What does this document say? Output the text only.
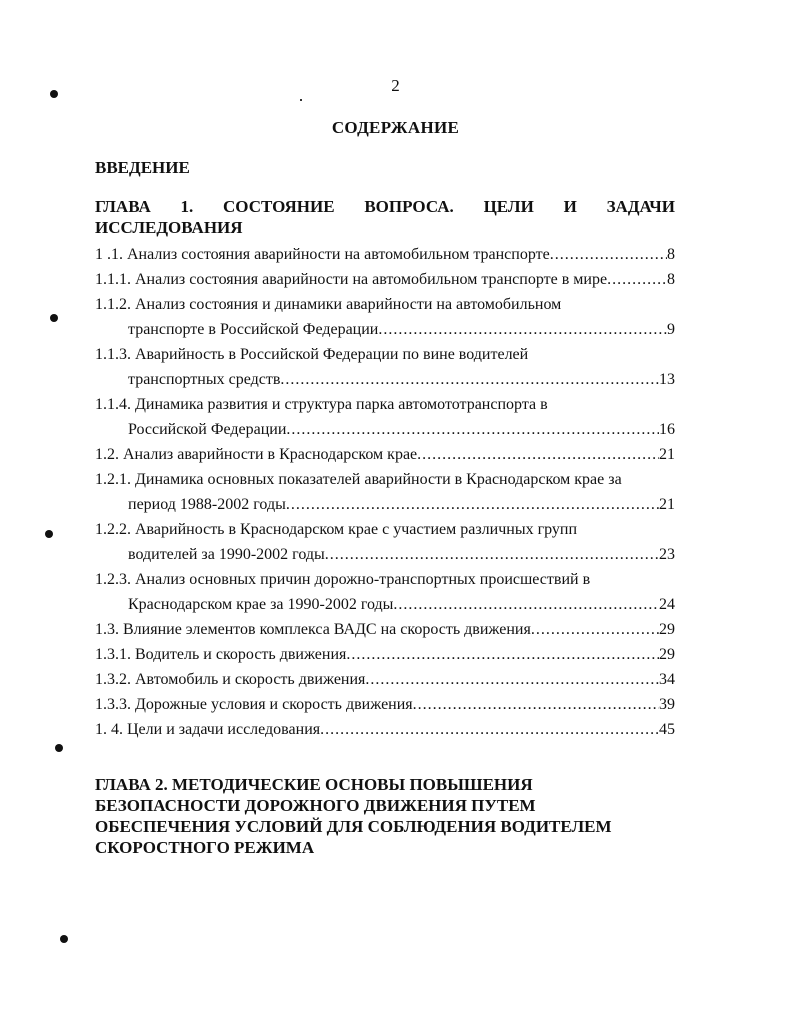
2
СОДЕРЖАНИЕ
ВВЕДЕНИЕ
ГЛАВА 1. СОСТОЯНИЕ ВОПРОСА. ЦЕЛИ И ЗАДАЧИ
ИССЛЕДОВАНИЯ
1 .1. Анализ состояния аварийности на автомобильном транспорте .....	8
1.1.1. Анализ состояния аварийности на автомобильном транспорте в мире .....	8
1.1.2. Анализ состояния и динамики аварийности на автомобильном
транспорте в Российской Федерации .....	9
1.1.3. Аварийность в Российской Федерации по вине водителей
транспортных средств .....	13
1.1.4. Динамика развития и структура парка автомототранспорта в
Российской Федерации .....	16
1.2. Анализ аварийности в Краснодарском крае .....	21
1.2.1. Динамика основных показателей аварийности в Краснодарском крае за
период 1988-2002 годы .....	21
1.2.2. Аварийность в Краснодарском крае с участием различных групп
водителей за 1990-2002 годы .....	23
1.2.3. Анализ основных причин дорожно-транспортных происшествий в
Краснодарском крае за 1990-2002 годы .....	24
1.3. Влияние элементов комплекса ВАДС на скорость движения .....	29
1.3.1. Водитель и скорость движения .....	29
1.3.2. Автомобиль и скорость движения .....	34
1.3.3. Дорожные условия и скорость движения .....	39
1. 4. Цели и задачи исследования .....	45
ГЛАВА 2. МЕТОДИЧЕСКИЕ ОСНОВЫ ПОВЫШЕНИЯ
БЕЗОПАСНОСТИ ДОРОЖНОГО ДВИЖЕНИЯ ПУТЕМ
ОБЕСПЕЧЕНИЯ УСЛОВИЙ ДЛЯ СОБЛЮДЕНИЯ ВОДИТЕЛЕМ
СКОРОСТНОГО РЕЖИМА
